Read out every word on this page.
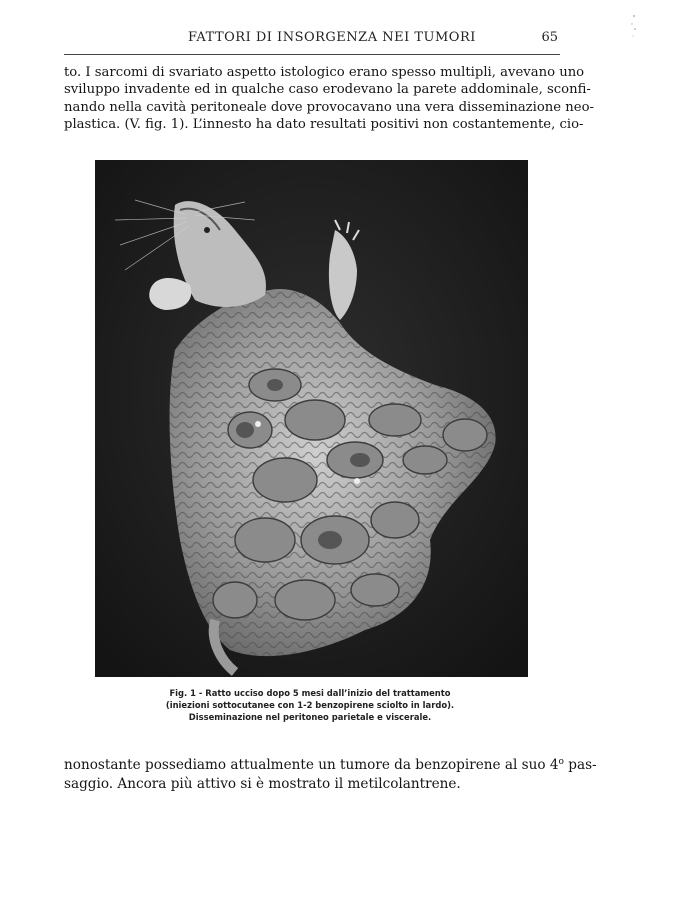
FATTORI DI INSORGENZA NEI TUMORI	65
to. I sarcomi di svariato aspetto istologico erano spesso multipli, avevano uno
sviluppo invadente ed in qualche caso erodevano la parete addominale, sconfi-
nando nella cavità peritoneale dove provocavano una vera disseminazione neo-
plastica. (V. fig. 1). L’innesto ha dato resultati positivi non costantemente, cio-
Fig. 1 - Ratto ucciso dopo 5 mesi dall’inizio del trattamento
(iniezioni sottocutanee con 1-2 benzopirene sciolto in lardo).
Disseminazione nel peritoneo parietale e viscerale.
nonostante possediamo attualmente un tumore da benzopirene al suo 4$^o$ pas-
saggio. Ancora più attivo si è mostrato il metilcolantrene.
